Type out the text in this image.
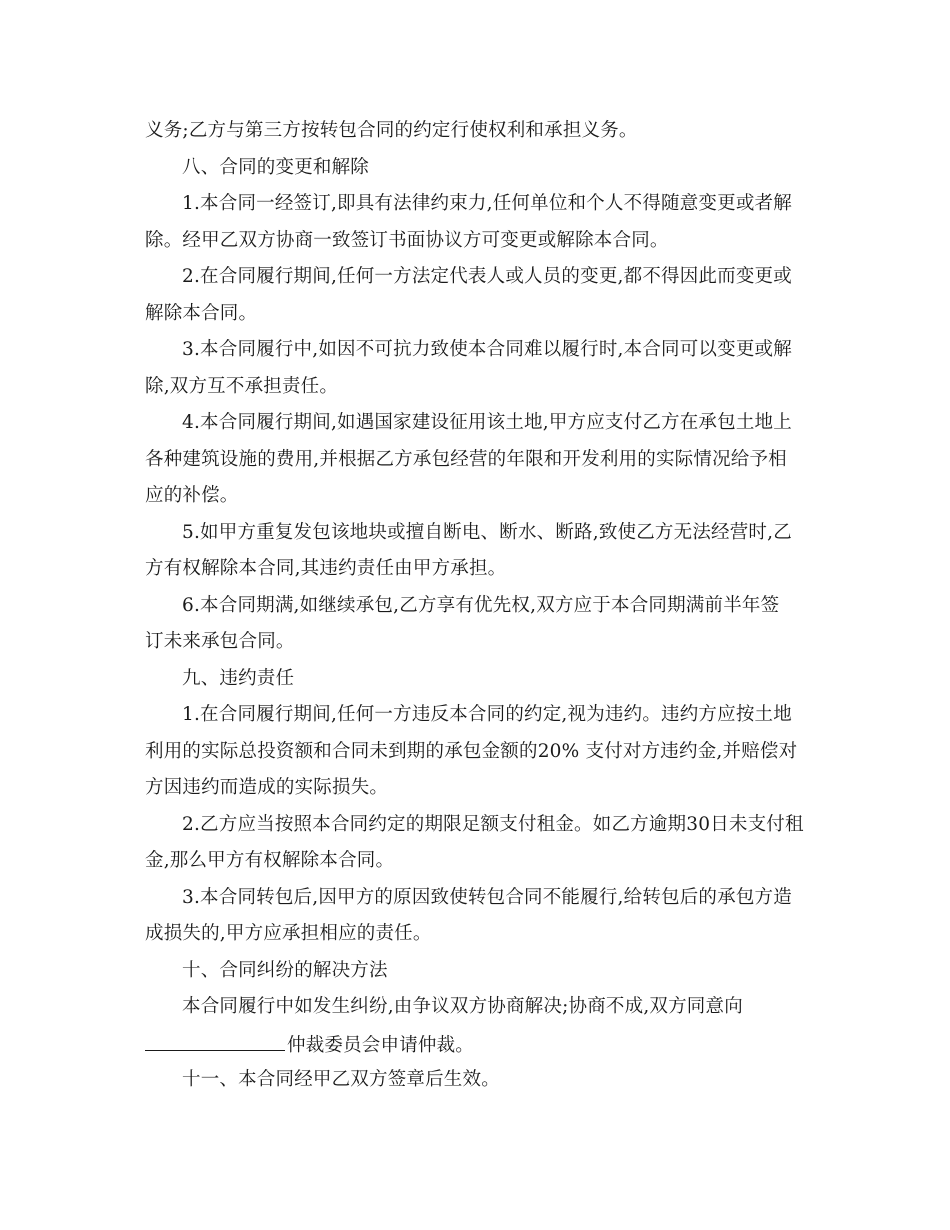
义务;乙方与第三方按转包合同的约定行使权利和承担义务。
八、合同的变更和解除
1.本合同一经签订,即具有法律约束力,任何单位和个人不得随意变更或者解
除。经甲乙双方协商一致签订书面协议方可变更或解除本合同。
2.在合同履行期间,任何一方法定代表人或人员的变更,都不得因此而变更或
解除本合同。
3.本合同履行中,如因不可抗力致使本合同难以履行时,本合同可以变更或解
除,双方互不承担责任。
4.本合同履行期间,如遇国家建设征用该土地,甲方应支付乙方在承包土地上
各种建筑设施的费用,并根据乙方承包经营的年限和开发利用的实际情况给予相
应的补偿。
5.如甲方重复发包该地块或擅自断电、断水、断路,致使乙方无法经营时,乙
方有权解除本合同,其违约责任由甲方承担。
6.本合同期满,如继续承包,乙方享有优先权,双方应于本合同期满前半年签
订未来承包合同。
九、违约责任
1.在合同履行期间,任何一方违反本合同的约定,视为违约。违约方应按土地
利用的实际总投资额和合同未到期的承包金额的20% 支付对方违约金,并赔偿对
方因违约而造成的实际损失。
2.乙方应当按照本合同约定的期限足额支付租金。如乙方逾期30日未支付租
金,那么甲方有权解除本合同。
3.本合同转包后,因甲方的原因致使转包合同不能履行,给转包后的承包方造
成损失的,甲方应承担相应的责任。
十、合同纠纷的解决方法
本合同履行中如发生纠纷,由争议双方协商解决;协商不成,双方同意向
仲裁委员会申请仲裁。
十一、本合同经甲乙双方签章后生效。
